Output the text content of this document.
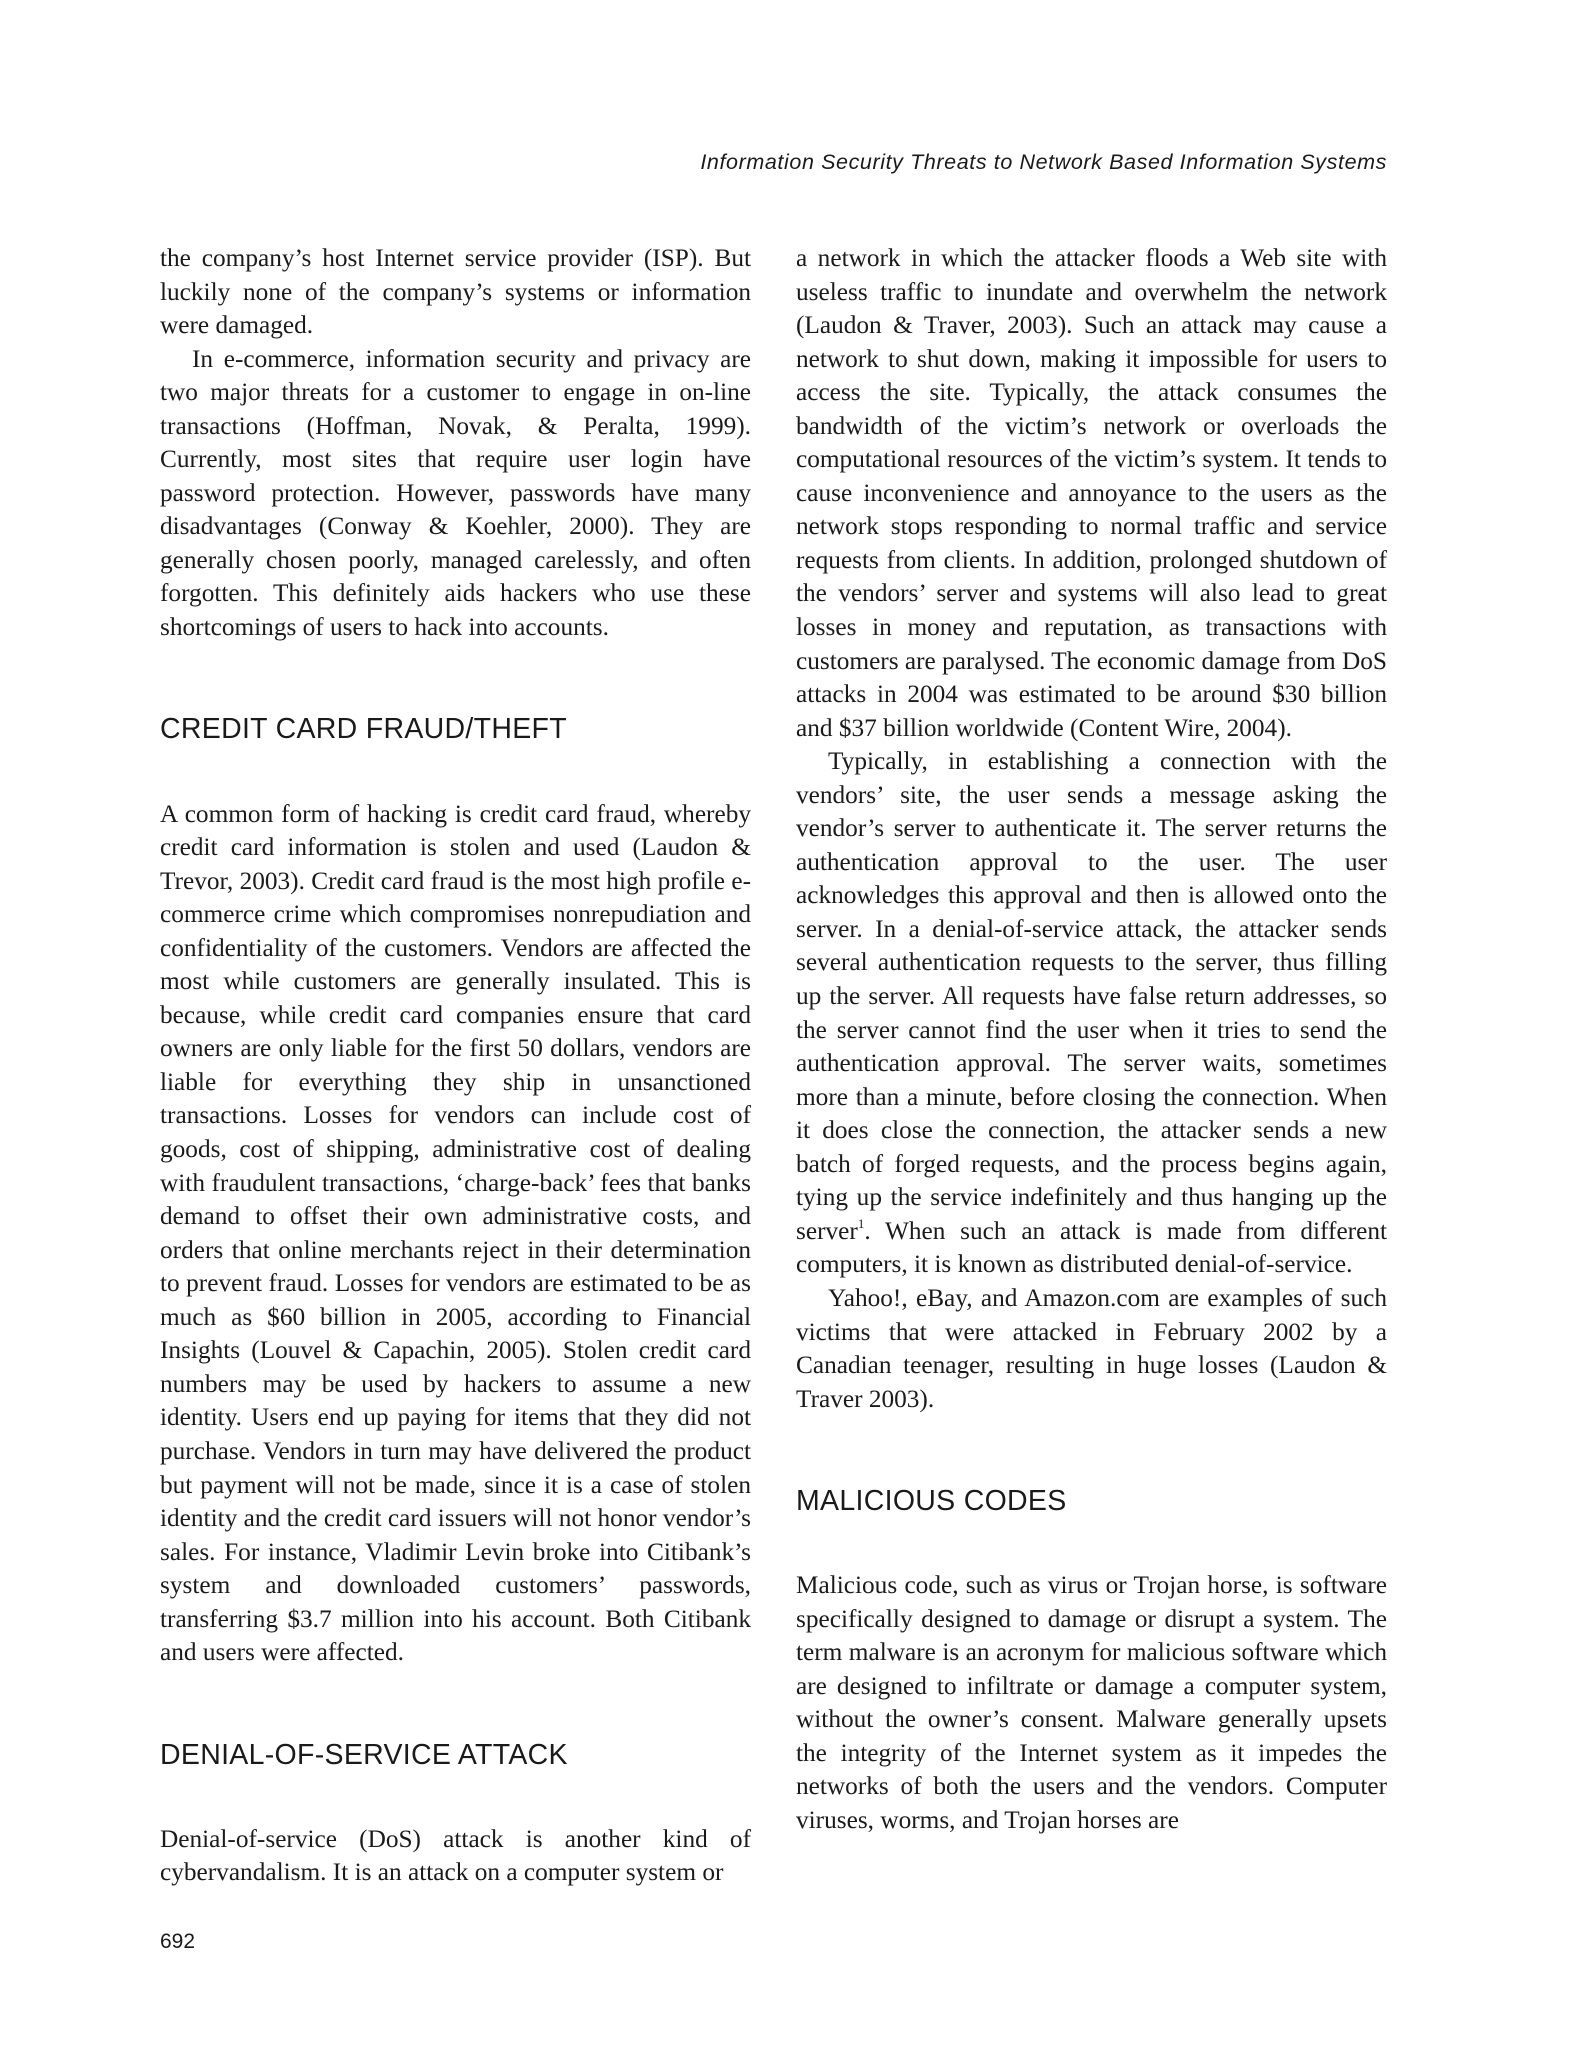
Information Security Threats to Network Based Information Systems

the company’s host Internet service provider (ISP). But luckily none of the company’s systems or information were damaged.

In e-commerce, information security and privacy are two major threats for a customer to engage in on-line transactions (Hoffman, Novak, & Peralta, 1999). Currently, most sites that require user login have password protection. However, passwords have many disadvantages (Conway & Koehler, 2000). They are generally chosen poorly, managed carelessly, and often forgotten. This definitely aids hackers who use these shortcomings of users to hack into accounts.

CREDIT CARD FRAUD/THEFT

A common form of hacking is credit card fraud, whereby credit card information is stolen and used (Laudon & Trevor, 2003). Credit card fraud is the most high profile e-commerce crime which compromises nonrepudiation and confidentiality of the customers. Vendors are affected the most while customers are generally insulated. This is because, while credit card companies ensure that card owners are only liable for the first 50 dollars, vendors are liable for everything they ship in unsanctioned transactions. Losses for vendors can include cost of goods, cost of shipping, administrative cost of dealing with fraudulent transactions, ‘charge-back’ fees that banks demand to offset their own administrative costs, and orders that online merchants reject in their determination to prevent fraud. Losses for vendors are estimated to be as much as $60 billion in 2005, according to Financial Insights (Louvel & Capachin, 2005). Stolen credit card numbers may be used by hackers to assume a new identity. Users end up paying for items that they did not purchase. Vendors in turn may have delivered the product but payment will not be made, since it is a case of stolen identity and the credit card issuers will not honor vendor’s sales. For instance, Vladimir Levin broke into Citibank’s system and downloaded customers’ passwords, transferring $3.7 million into his account. Both Citibank and users were affected.

DENIAL-OF-SERVICE ATTACK

Denial-of-service (DoS) attack is another kind of cybervandalism. It is an attack on a computer system or

a network in which the attacker floods a Web site with useless traffic to inundate and overwhelm the network (Laudon & Traver, 2003). Such an attack may cause a network to shut down, making it impossible for users to access the site. Typically, the attack consumes the bandwidth of the victim’s network or overloads the computational resources of the victim’s system. It tends to cause inconvenience and annoyance to the users as the network stops responding to normal traffic and service requests from clients. In addition, prolonged shutdown of the vendors’ server and systems will also lead to great losses in money and reputation, as transactions with customers are paralysed. The economic damage from DoS attacks in 2004 was estimated to be around $30 billion and $37 billion worldwide (Content Wire, 2004).

Typically, in establishing a connection with the vendors’ site, the user sends a message asking the vendor’s server to authenticate it. The server returns the authentication approval to the user. The user acknowledges this approval and then is allowed onto the server. In a denial-of-service attack, the attacker sends several authentication requests to the server, thus filling up the server. All requests have false return addresses, so the server cannot find the user when it tries to send the authentication approval. The server waits, sometimes more than a minute, before closing the connection. When it does close the connection, the attacker sends a new batch of forged requests, and the process begins again, tying up the service indefinitely and thus hanging up the server$^1$. When such an attack is made from different computers, it is known as distributed denial-of-service.

Yahoo!, eBay, and Amazon.com are examples of such victims that were attacked in February 2002 by a Canadian teenager, resulting in huge losses (Laudon & Traver 2003).

MALICIOUS CODES

Malicious code, such as virus or Trojan horse, is software specifically designed to damage or disrupt a system. The term malware is an acronym for malicious software which are designed to infiltrate or damage a computer system, without the owner’s consent. Malware generally upsets the integrity of the Internet system as it impedes the networks of both the users and the vendors. Computer viruses, worms, and Trojan horses are

692
